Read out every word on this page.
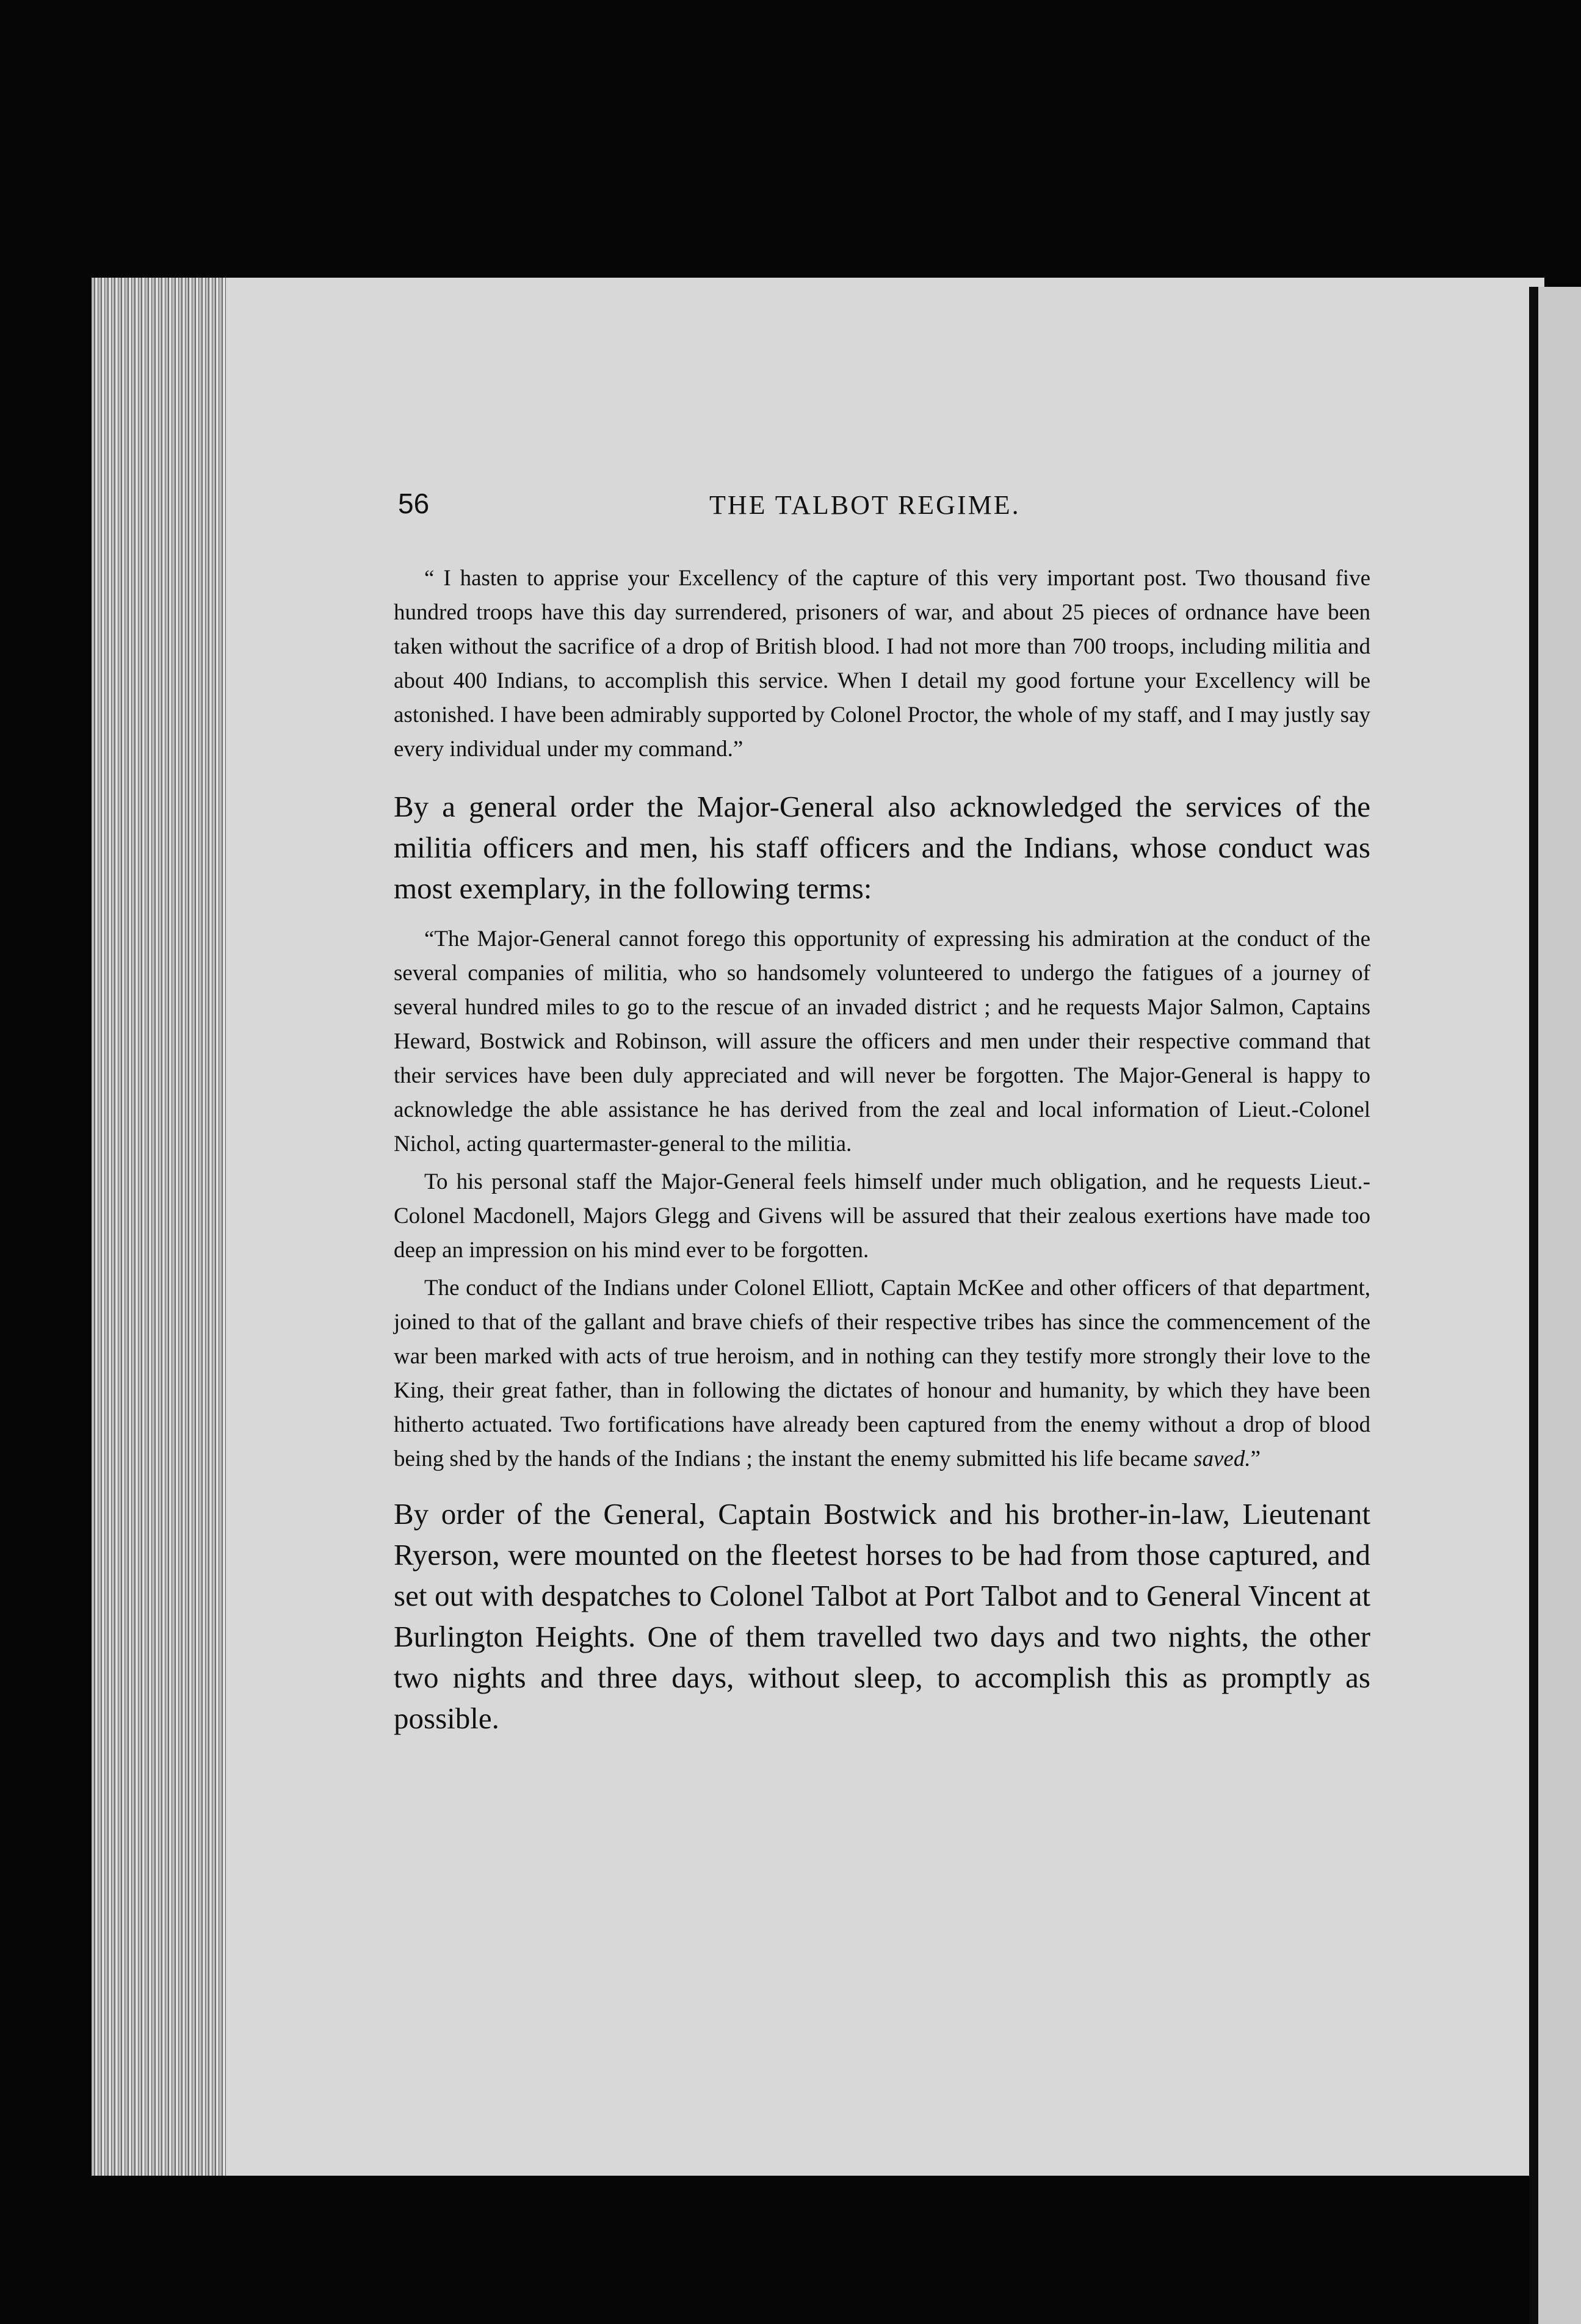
56	THE TALBOT REGIME.

“ I hasten to apprise your Excellency of the capture of this very important post. Two thousand five hundred troops have this day surrendered, prisoners of war, and about 25 pieces of ordnance have been taken without the sacrifice of a drop of British blood. I had not more than 700 troops, including militia and about 400 Indians, to accomplish this service. When I detail my good fortune your Excellency will be astonished. I have been admirably supported by Colonel Proctor, the whole of my staff, and I may justly say every individual under my command.”

By a general order the Major-General also acknowledged the services of the militia officers and men, his staff officers and the Indians, whose conduct was most exemplary, in the following terms:

“The Major-General cannot forego this opportunity of expressing his admiration at the conduct of the several companies of militia, who so handsomely volunteered to undergo the fatigues of a journey of several hundred miles to go to the rescue of an invaded district ; and he requests Major Salmon, Captains Heward, Bostwick and Robinson, will assure the officers and men under their respective command that their services have been duly appreciated and will never be forgotten. The Major-General is happy to acknowledge the able assistance he has derived from the zeal and local information of Lieut.-Colonel Nichol, acting quartermaster-general to the militia.

To his personal staff the Major-General feels himself under much obligation, and he requests Lieut.-Colonel Macdonell, Majors Glegg and Givens will be assured that their zealous exertions have made too deep an impression on his mind ever to be forgotten.

The conduct of the Indians under Colonel Elliott, Captain McKee and other officers of that department, joined to that of the gallant and brave chiefs of their respective tribes has since the commencement of the war been marked with acts of true heroism, and in nothing can they testify more strongly their love to the King, their great father, than in following the dictates of honour and humanity, by which they have been hitherto actuated. Two fortifications have already been captured from the enemy without a drop of blood being shed by the hands of the Indians ; the instant the enemy submitted his life became saved.”

By order of the General, Captain Bostwick and his brother-in-law, Lieutenant Ryerson, were mounted on the fleetest horses to be had from those captured, and set out with despatches to Colonel Talbot at Port Talbot and to General Vincent at Burlington Heights. One of them travelled two days and two nights, the other two nights and three days, without sleep, to accomplish this as promptly as possible.
